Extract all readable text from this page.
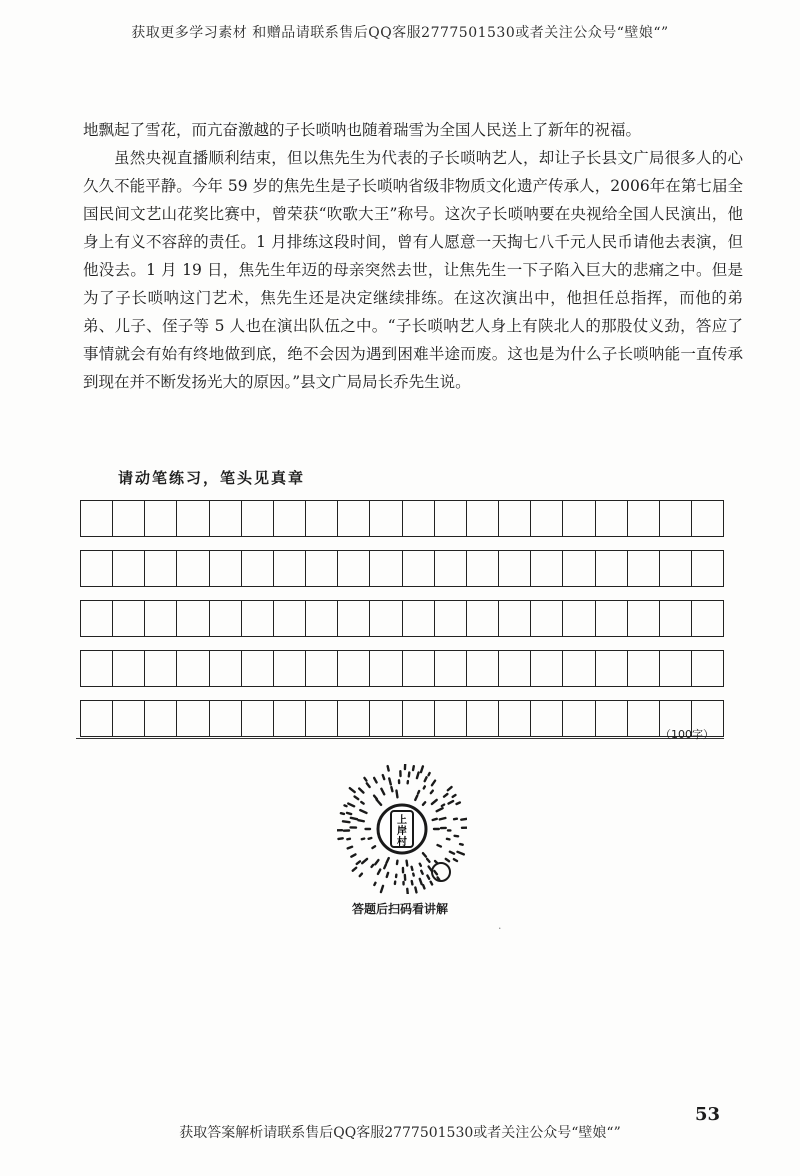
获取更多学习素材 和赠品请联系售后QQ客服2777501530或者关注公众号“壁娘“”

地飘起了雪花，而亢奋激越的子长唢呐也随着瑞雪为全国人民送上了新年的祝福。

虽然央视直播顺利结束，但以焦先生为代表的子长唢呐艺人，却让子长县文广局很多人的心久久不能平静。今年 59 岁的焦先生是子长唢呐省级非物质文化遗产传承人，2006年在第七届全国民间文艺山花奖比赛中，曾荣获“吹歌大王”称号。这次子长唢呐要在央视给全国人民演出，他身上有义不容辞的责任。1 月排练这段时间，曾有人愿意一天掏七八千元人民币请他去表演，但他没去。1 月 19 日，焦先生年迈的母亲突然去世，让焦先生一下子陷入巨大的悲痛之中。但是为了子长唢呐这门艺术，焦先生还是决定继续排练。在这次演出中，他担任总指挥，而他的弟弟、儿子、侄子等 5 人也在演出队伍之中。“子长唢呐艺人身上有陕北人的那股仗义劲，答应了事情就会有始有终地做到底，绝不会因为遇到困难半途而废。这也是为什么子长唢呐能一直传承到现在并不断发扬光大的原因。”县文广局局长乔先生说。

请动笔练习，笔头见真章
（100字）
上
岸
村
答题后扫码看讲解
·
53
获取答案解析请联系售后QQ客服2777501530或者关注公众号“壁娘“”
